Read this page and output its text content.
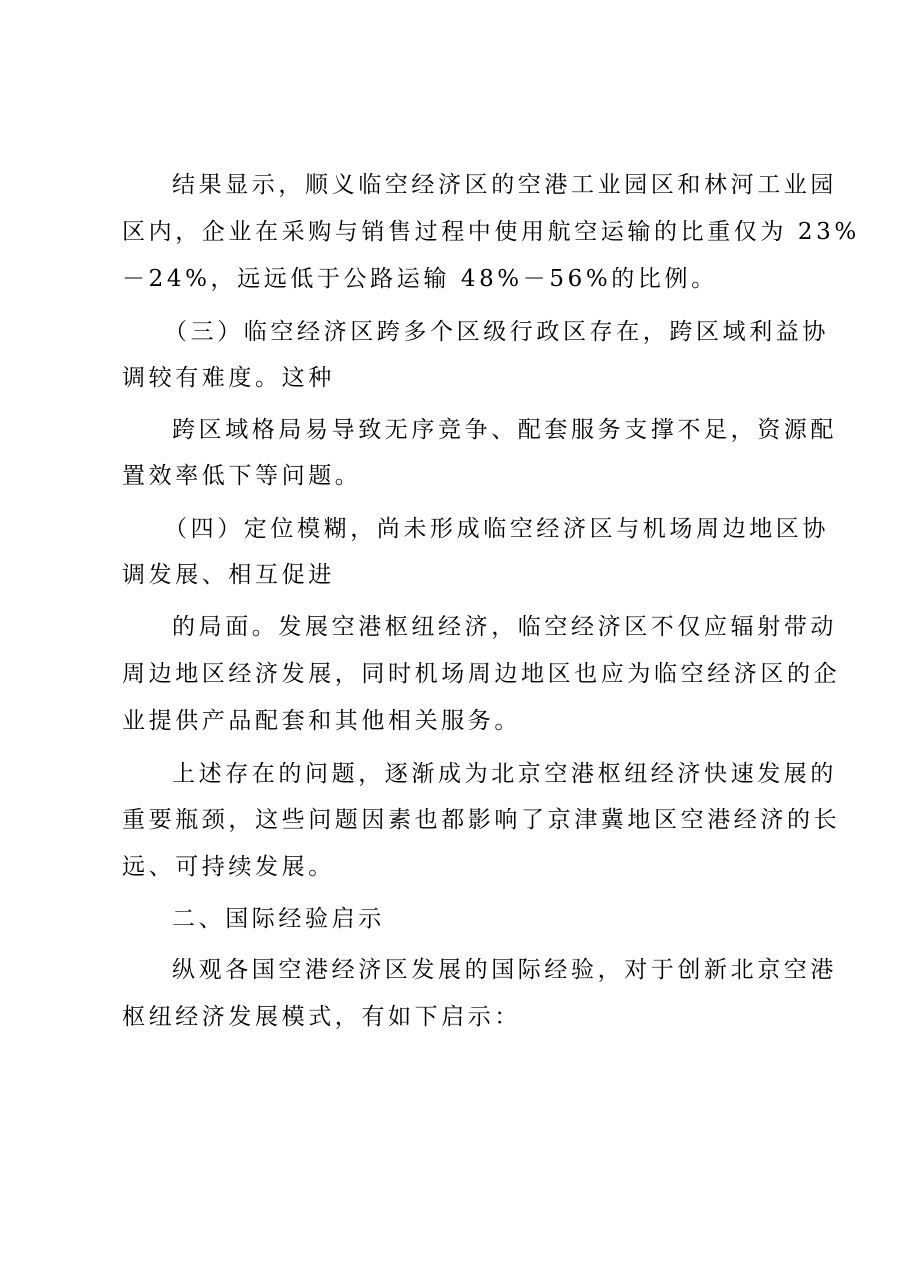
结果显示，顺义临空经济区的空港工业园区和林河工业园
区内，企业在采购与销售过程中使用航空运输的比重仅为 23%
－24%，远远低于公路运输 48%－56%的比例。
（三）临空经济区跨多个区级行政区存在，跨区域利益协
调较有难度。这种
跨区域格局易导致无序竞争、配套服务支撑不足，资源配
置效率低下等问题。
（四）定位模糊，尚未形成临空经济区与机场周边地区协
调发展、相互促进
的局面。发展空港枢纽经济，临空经济区不仅应辐射带动
周边地区经济发展，同时机场周边地区也应为临空经济区的企
业提供产品配套和其他相关服务。
上述存在的问题，逐渐成为北京空港枢纽经济快速发展的
重要瓶颈，这些问题因素也都影响了京津冀地区空港经济的长
远、可持续发展。
二、国际经验启示
纵观各国空港经济区发展的国际经验，对于创新北京空港
枢纽经济发展模式，有如下启示：
